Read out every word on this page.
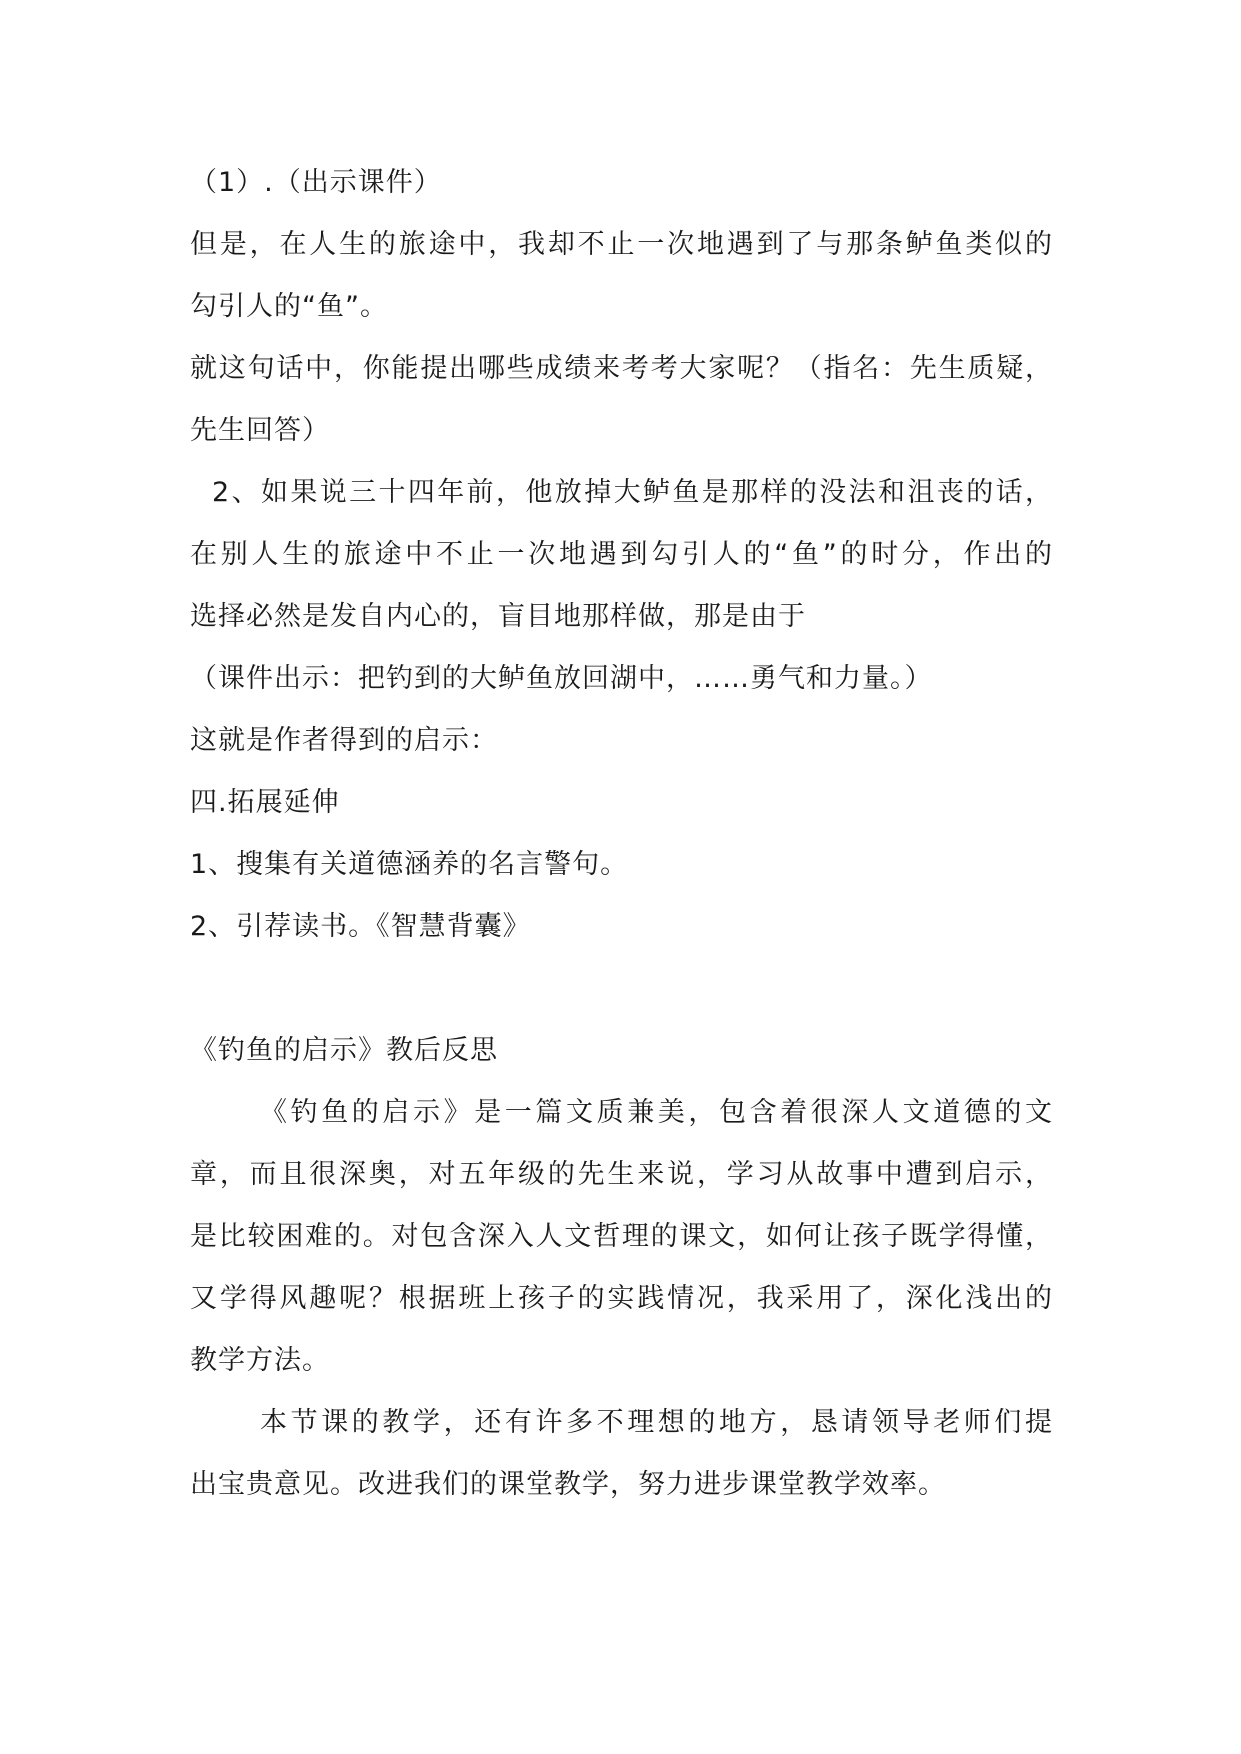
（1）.（出示课件）
但是，在人生的旅途中，我却不止一次地遇到了与那条鲈鱼类似的
勾引人的“鱼”。
就这句话中，你能提出哪些成绩来考考大家呢？（指名：先生质疑，
先生回答）
2、如果说三十四年前，他放掉大鲈鱼是那样的没法和沮丧的话，
在别人生的旅途中不止一次地遇到勾引人的“鱼”的时分，作出的
选择必然是发自内心的，盲目地那样做，那是由于
（课件出示：把钓到的大鲈鱼放回湖中，……勇气和力量。）
这就是作者得到的启示：
四.拓展延伸
1、搜集有关道德涵养的名言警句。
2、引荐读书。《智慧背囊》
《钓鱼的启示》教后反思
《钓鱼的启示》是一篇文质兼美，包含着很深人文道德的文
章，而且很深奥，对五年级的先生来说，学习从故事中遭到启示，
是比较困难的。对包含深入人文哲理的课文，如何让孩子既学得懂，
又学得风趣呢？根据班上孩子的实践情况，我采用了，深化浅出的
教学方法。
本节课的教学，还有许多不理想的地方，恳请领导老师们提
出宝贵意见。改进我们的课堂教学，努力进步课堂教学效率。
